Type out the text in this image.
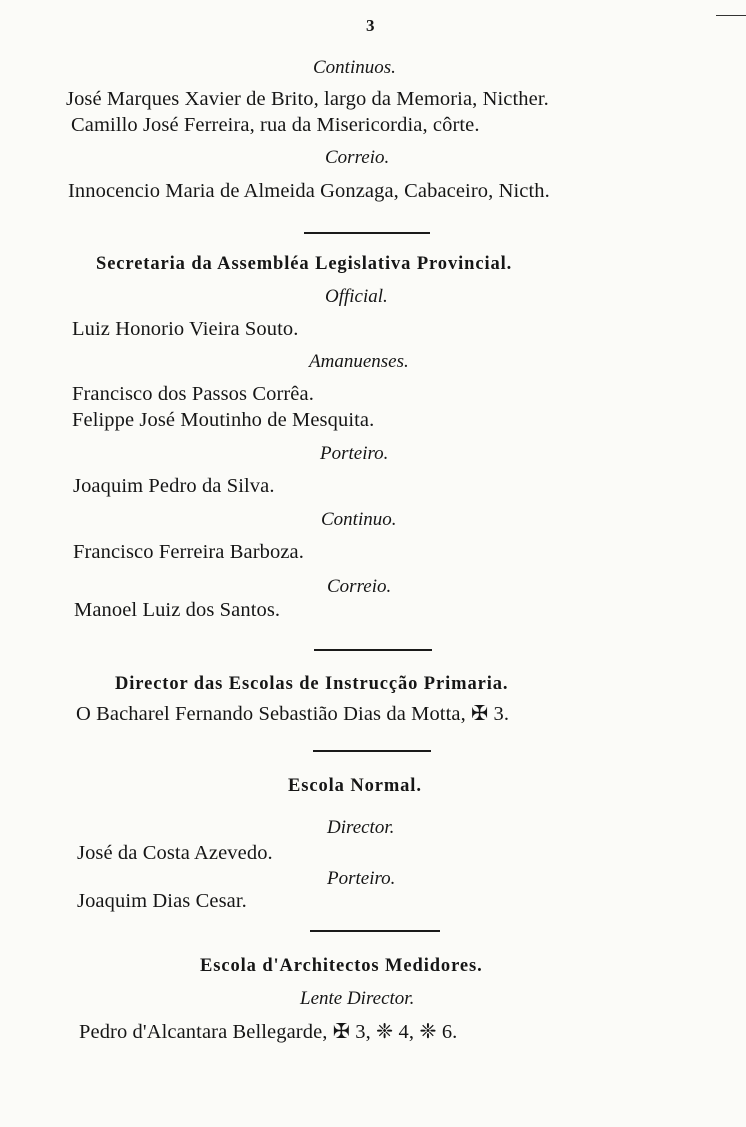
3
Continuos.
José Marques Xavier de Brito, largo da Memoria, Nicther.
Camillo José Ferreira, rua da Misericordia, côrte.
Correio.
Innocencio Maria de Almeida Gonzaga, Cabaceiro, Nicth.
Secretaria da Assembléa Legislativa Provincial.
Official.
Luiz Honorio Vieira Souto.
Amanuenses.
Francisco dos Passos Corrêa.
Felippe José Moutinho de Mesquita.
Porteiro.
Joaquim Pedro da Silva.
Continuo.
Francisco Ferreira Barboza.
Correio.
Manoel Luiz dos Santos.
Director das Escolas de Instrucção Primaria.
O Bacharel Fernando Sebastião Dias da Motta, ✠ 3.
Escola Normal.
Director.
José da Costa Azevedo.
Porteiro.
Joaquim Dias Cesar.
Escola d'Architectos Medidores.
Lente Director.
Pedro d'Alcantara Bellegarde, ✠ 3, ❈ 4, ❈ 6.
